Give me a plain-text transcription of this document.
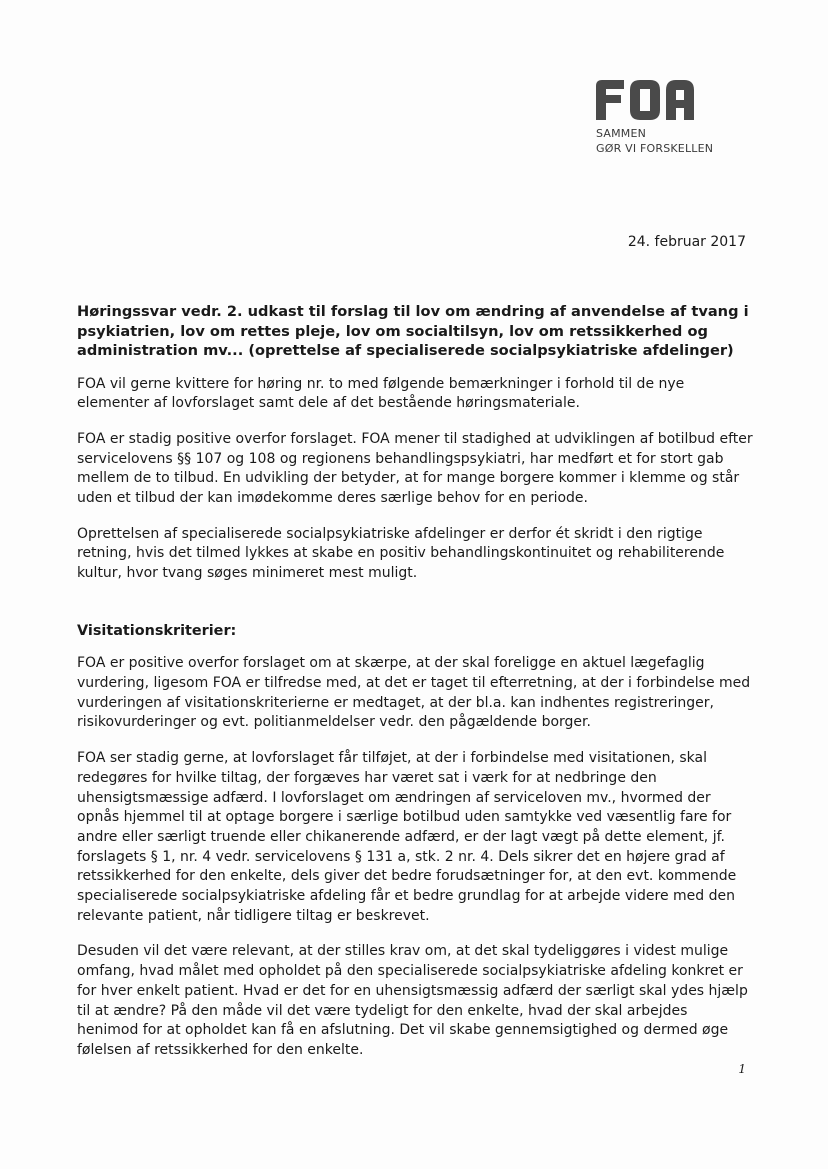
SAMMEN
GØR VI FORSKELLEN
24. februar 2017

Høringssvar vedr. 2. udkast til forslag til lov om ændring af anvendelse af tvang i psykiatrien, lov om rettes pleje, lov om socialtilsyn, lov om retssikkerhed og administration mv... (oprettelse af specialiserede socialpsykiatriske afdelinger)

FOA vil gerne kvittere for høring nr. to med følgende bemærkninger i forhold til de nye elementer af lovforslaget samt dele af det bestående høringsmateriale.

FOA er stadig positive overfor forslaget. FOA mener til stadighed at udviklingen af botilbud efter servicelovens §§ 107 og 108 og regionens behandlingspsykiatri, har medført et for stort gab mellem de to tilbud. En udvikling der betyder, at for mange borgere kommer i klemme og står uden et tilbud der kan imødekomme deres særlige behov for en periode.

Oprettelsen af specialiserede socialpsykiatriske afdelinger er derfor ét skridt i den rigtige retning, hvis det tilmed lykkes at skabe en positiv behandlingskontinuitet og rehabiliterende kultur, hvor tvang søges minimeret mest muligt.

Visitationskriterier:

FOA er positive overfor forslaget om at skærpe, at der skal foreligge en aktuel lægefaglig vurdering, ligesom FOA er tilfredse med, at det er taget til efterretning, at der i forbindelse med vurderingen af visitationskriterierne er medtaget, at der bl.a. kan indhentes registreringer, risikovurderinger og evt. politianmeldelser vedr. den pågældende borger.

FOA ser stadig gerne, at lovforslaget får tilføjet, at der i forbindelse med visitationen, skal redegøres for hvilke tiltag, der forgæves har været sat i værk for at nedbringe den uhensigtsmæssige adfærd. I lovforslaget om ændringen af serviceloven mv., hvormed der opnås hjemmel til at optage borgere i særlige botilbud uden samtykke ved væsentlig fare for andre eller særligt truende eller chikanerende adfærd, er der lagt vægt på dette element, jf. forslagets § 1, nr. 4 vedr. servicelovens § 131 a, stk. 2 nr. 4. Dels sikrer det en højere grad af retssikkerhed for den enkelte, dels giver det bedre forudsætninger for, at den evt. kommende specialiserede socialpsykiatriske afdeling får et bedre grundlag for at arbejde videre med den relevante patient, når tidligere tiltag er beskrevet.

Desuden vil det være relevant, at der stilles krav om, at det skal tydeliggøres i videst mulige omfang, hvad målet med opholdet på den specialiserede socialpsykiatriske afdeling konkret er for hver enkelt patient. Hvad er det for en uhensigtsmæssig adfærd der særligt skal ydes hjælp til at ændre? På den måde vil det være tydeligt for den enkelte, hvad der skal arbejdes henimod for at opholdet kan få en afslutning. Det vil skabe gennemsigtighed og dermed øge følelsen af retssikkerhed for den enkelte.

1
